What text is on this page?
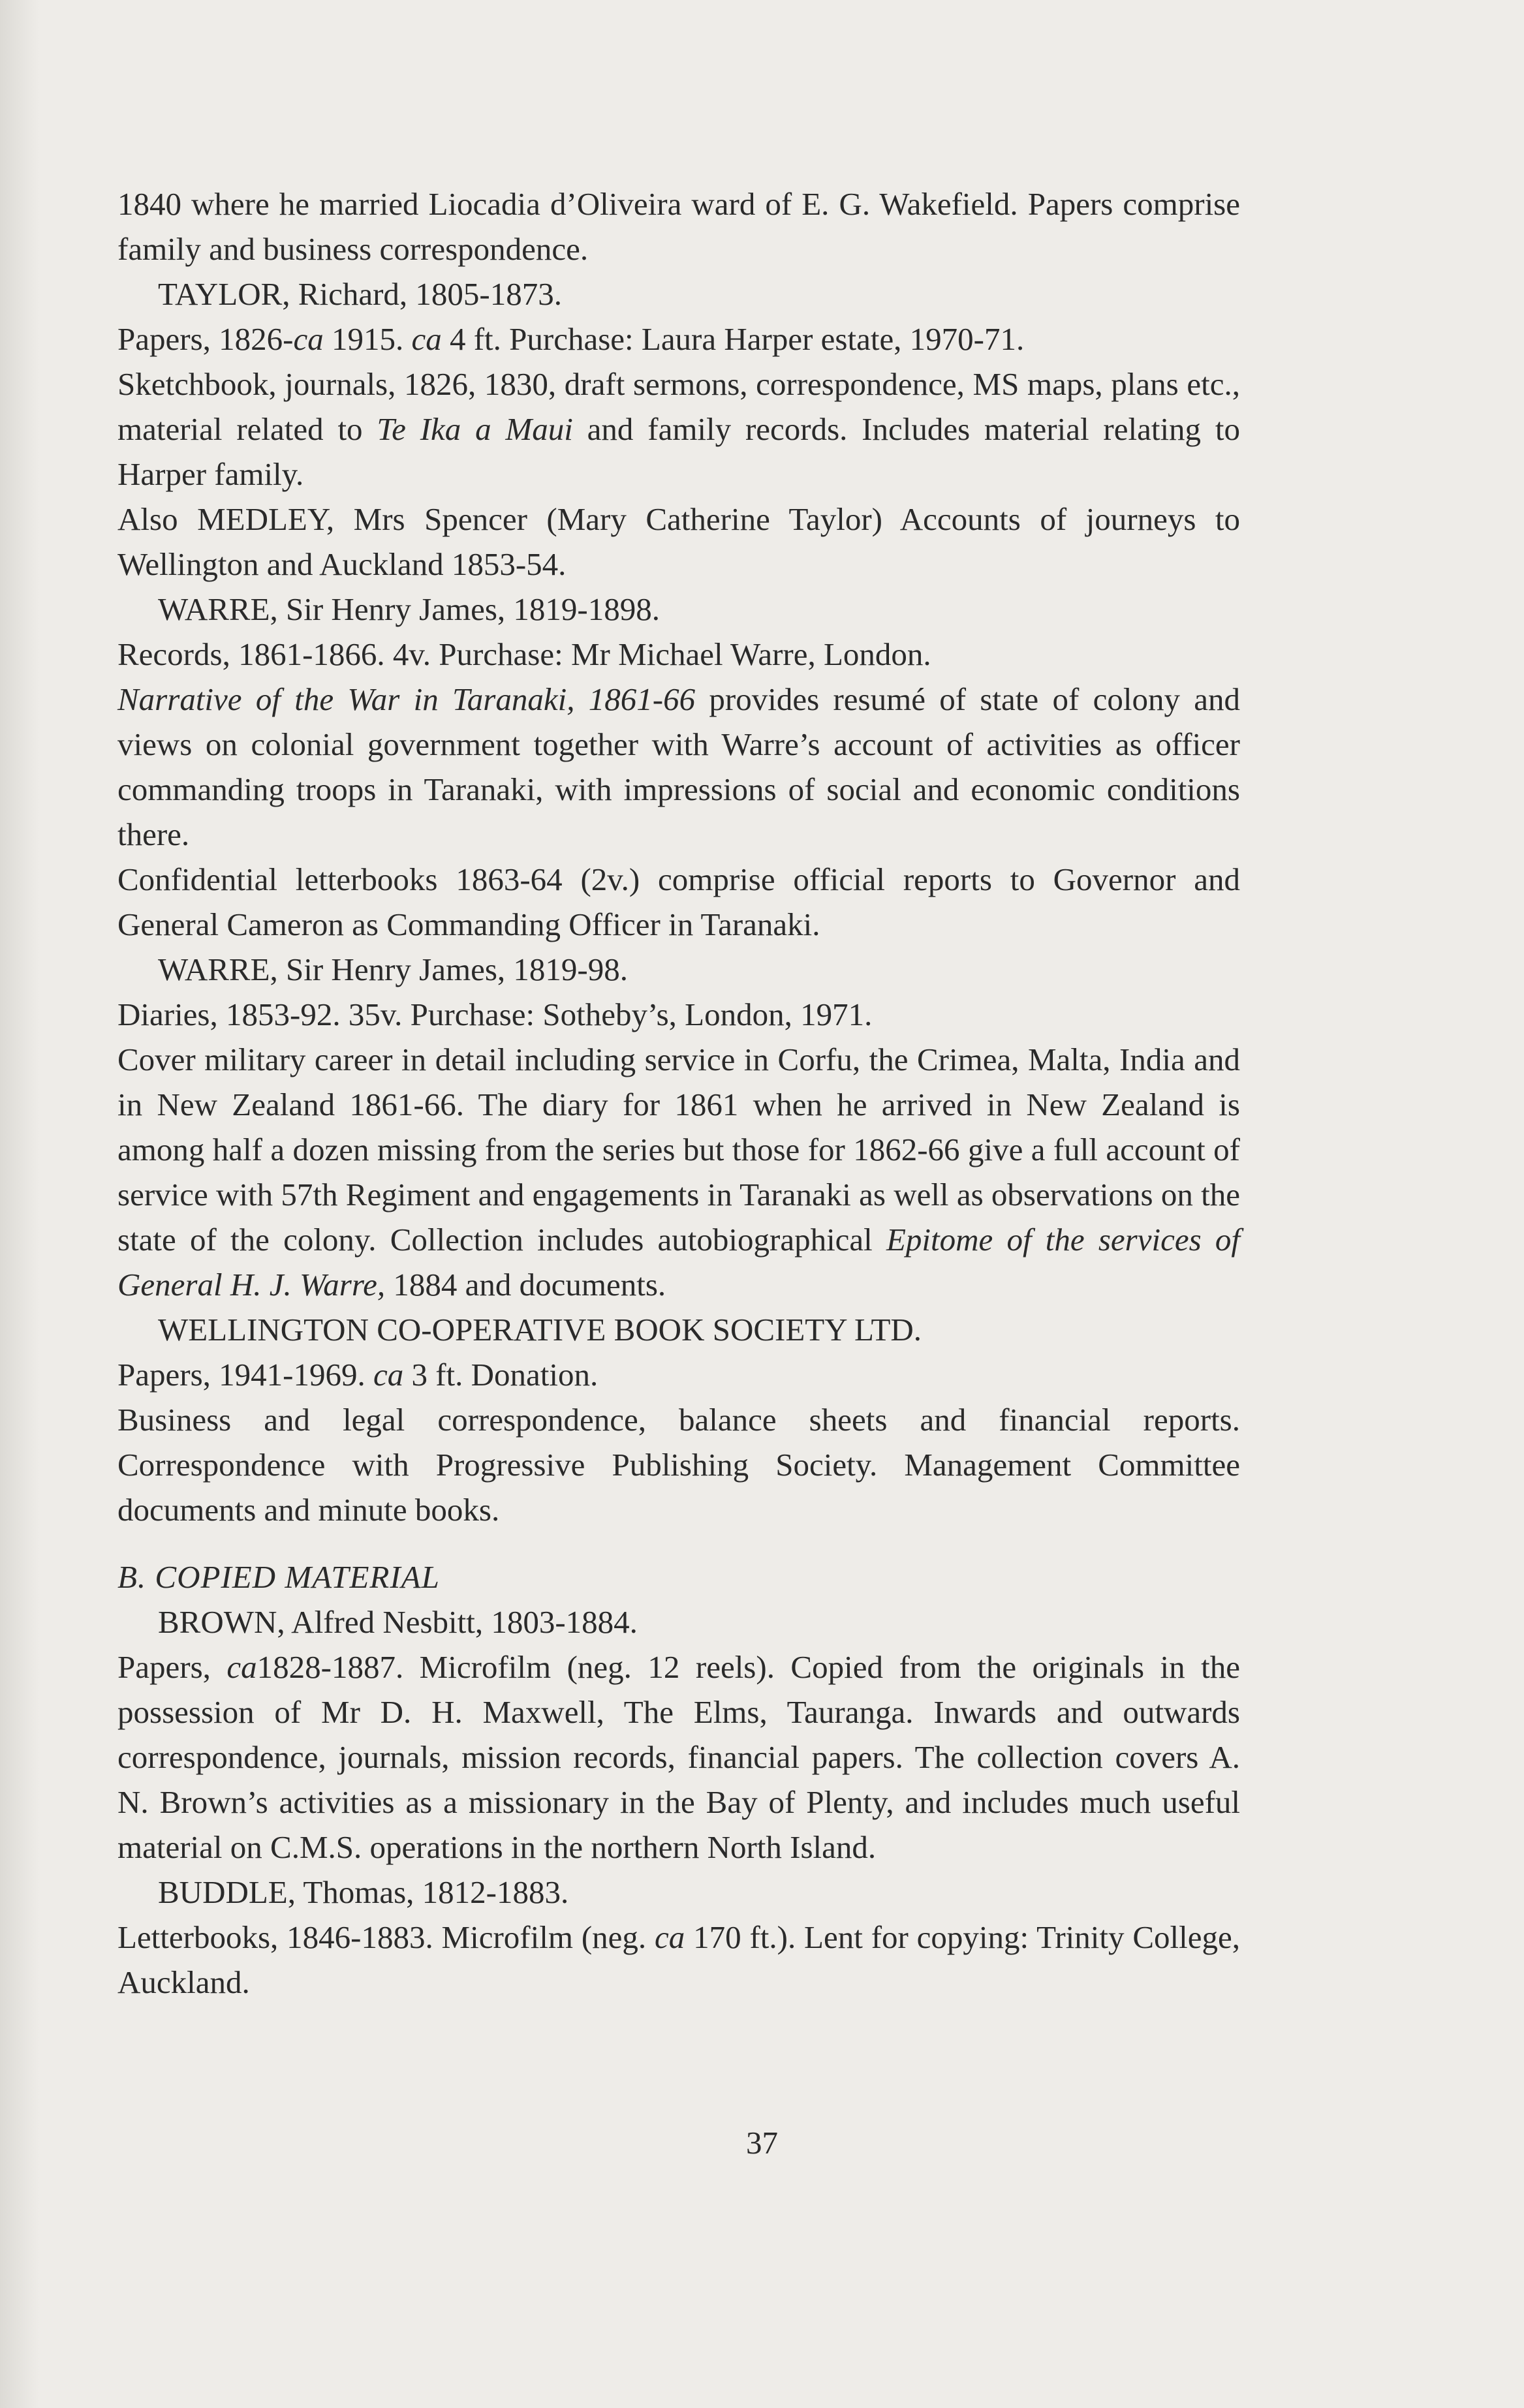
1840 where he married Liocadia d’Oliveira ward of E. G. Wakefield. Papers comprise family and business correspondence.

TAYLOR, Richard, 1805-1873.

Papers, 1826-ca 1915. ca 4 ft. Purchase: Laura Harper estate, 1970-71.

Sketchbook, journals, 1826, 1830, draft sermons, correspondence, MS maps, plans etc., material related to Te Ika a Maui and family records. Includes material relating to Harper family.

Also MEDLEY, Mrs Spencer (Mary Catherine Taylor) Accounts of journeys to Wellington and Auckland 1853-54.

WARRE, Sir Henry James, 1819-1898.

Records, 1861-1866. 4v. Purchase: Mr Michael Warre, London.

Narrative of the War in Taranaki, 1861-66 provides resumé of state of colony and views on colonial government together with Warre’s account of activities as officer commanding troops in Taranaki, with impressions of social and economic conditions there.

Confidential letterbooks 1863-64 (2v.) comprise official reports to Governor and General Cameron as Commanding Officer in Taranaki.

WARRE, Sir Henry James, 1819-98.

Diaries, 1853-92. 35v. Purchase: Sotheby’s, London, 1971.

Cover military career in detail including service in Corfu, the Crimea, Malta, India and in New Zealand 1861-66. The diary for 1861 when he arrived in New Zealand is among half a dozen missing from the series but those for 1862-66 give a full account of service with 57th Regiment and engagements in Taranaki as well as observations on the state of the colony. Collection includes autobiographical Epitome of the services of General H. J. Warre, 1884 and documents.

WELLINGTON CO-OPERATIVE BOOK SOCIETY LTD.

Papers, 1941-1969. ca 3 ft. Donation.

Business and legal correspondence, balance sheets and financial reports. Correspondence with Progressive Publishing Society. Management Committee documents and minute books.

B. COPIED MATERIAL

BROWN, Alfred Nesbitt, 1803-1884.

Papers, ca1828-1887. Microfilm (neg. 12 reels). Copied from the originals in the possession of Mr D. H. Maxwell, The Elms, Tauranga. Inwards and outwards correspondence, journals, mission records, financial papers. The collection covers A. N. Brown’s activities as a missionary in the Bay of Plenty, and includes much useful material on C.M.S. operations in the northern North Island.

BUDDLE, Thomas, 1812-1883.

Letterbooks, 1846-1883. Microfilm (neg. ca 170 ft.). Lent for copying: Trinity College, Auckland.

37
